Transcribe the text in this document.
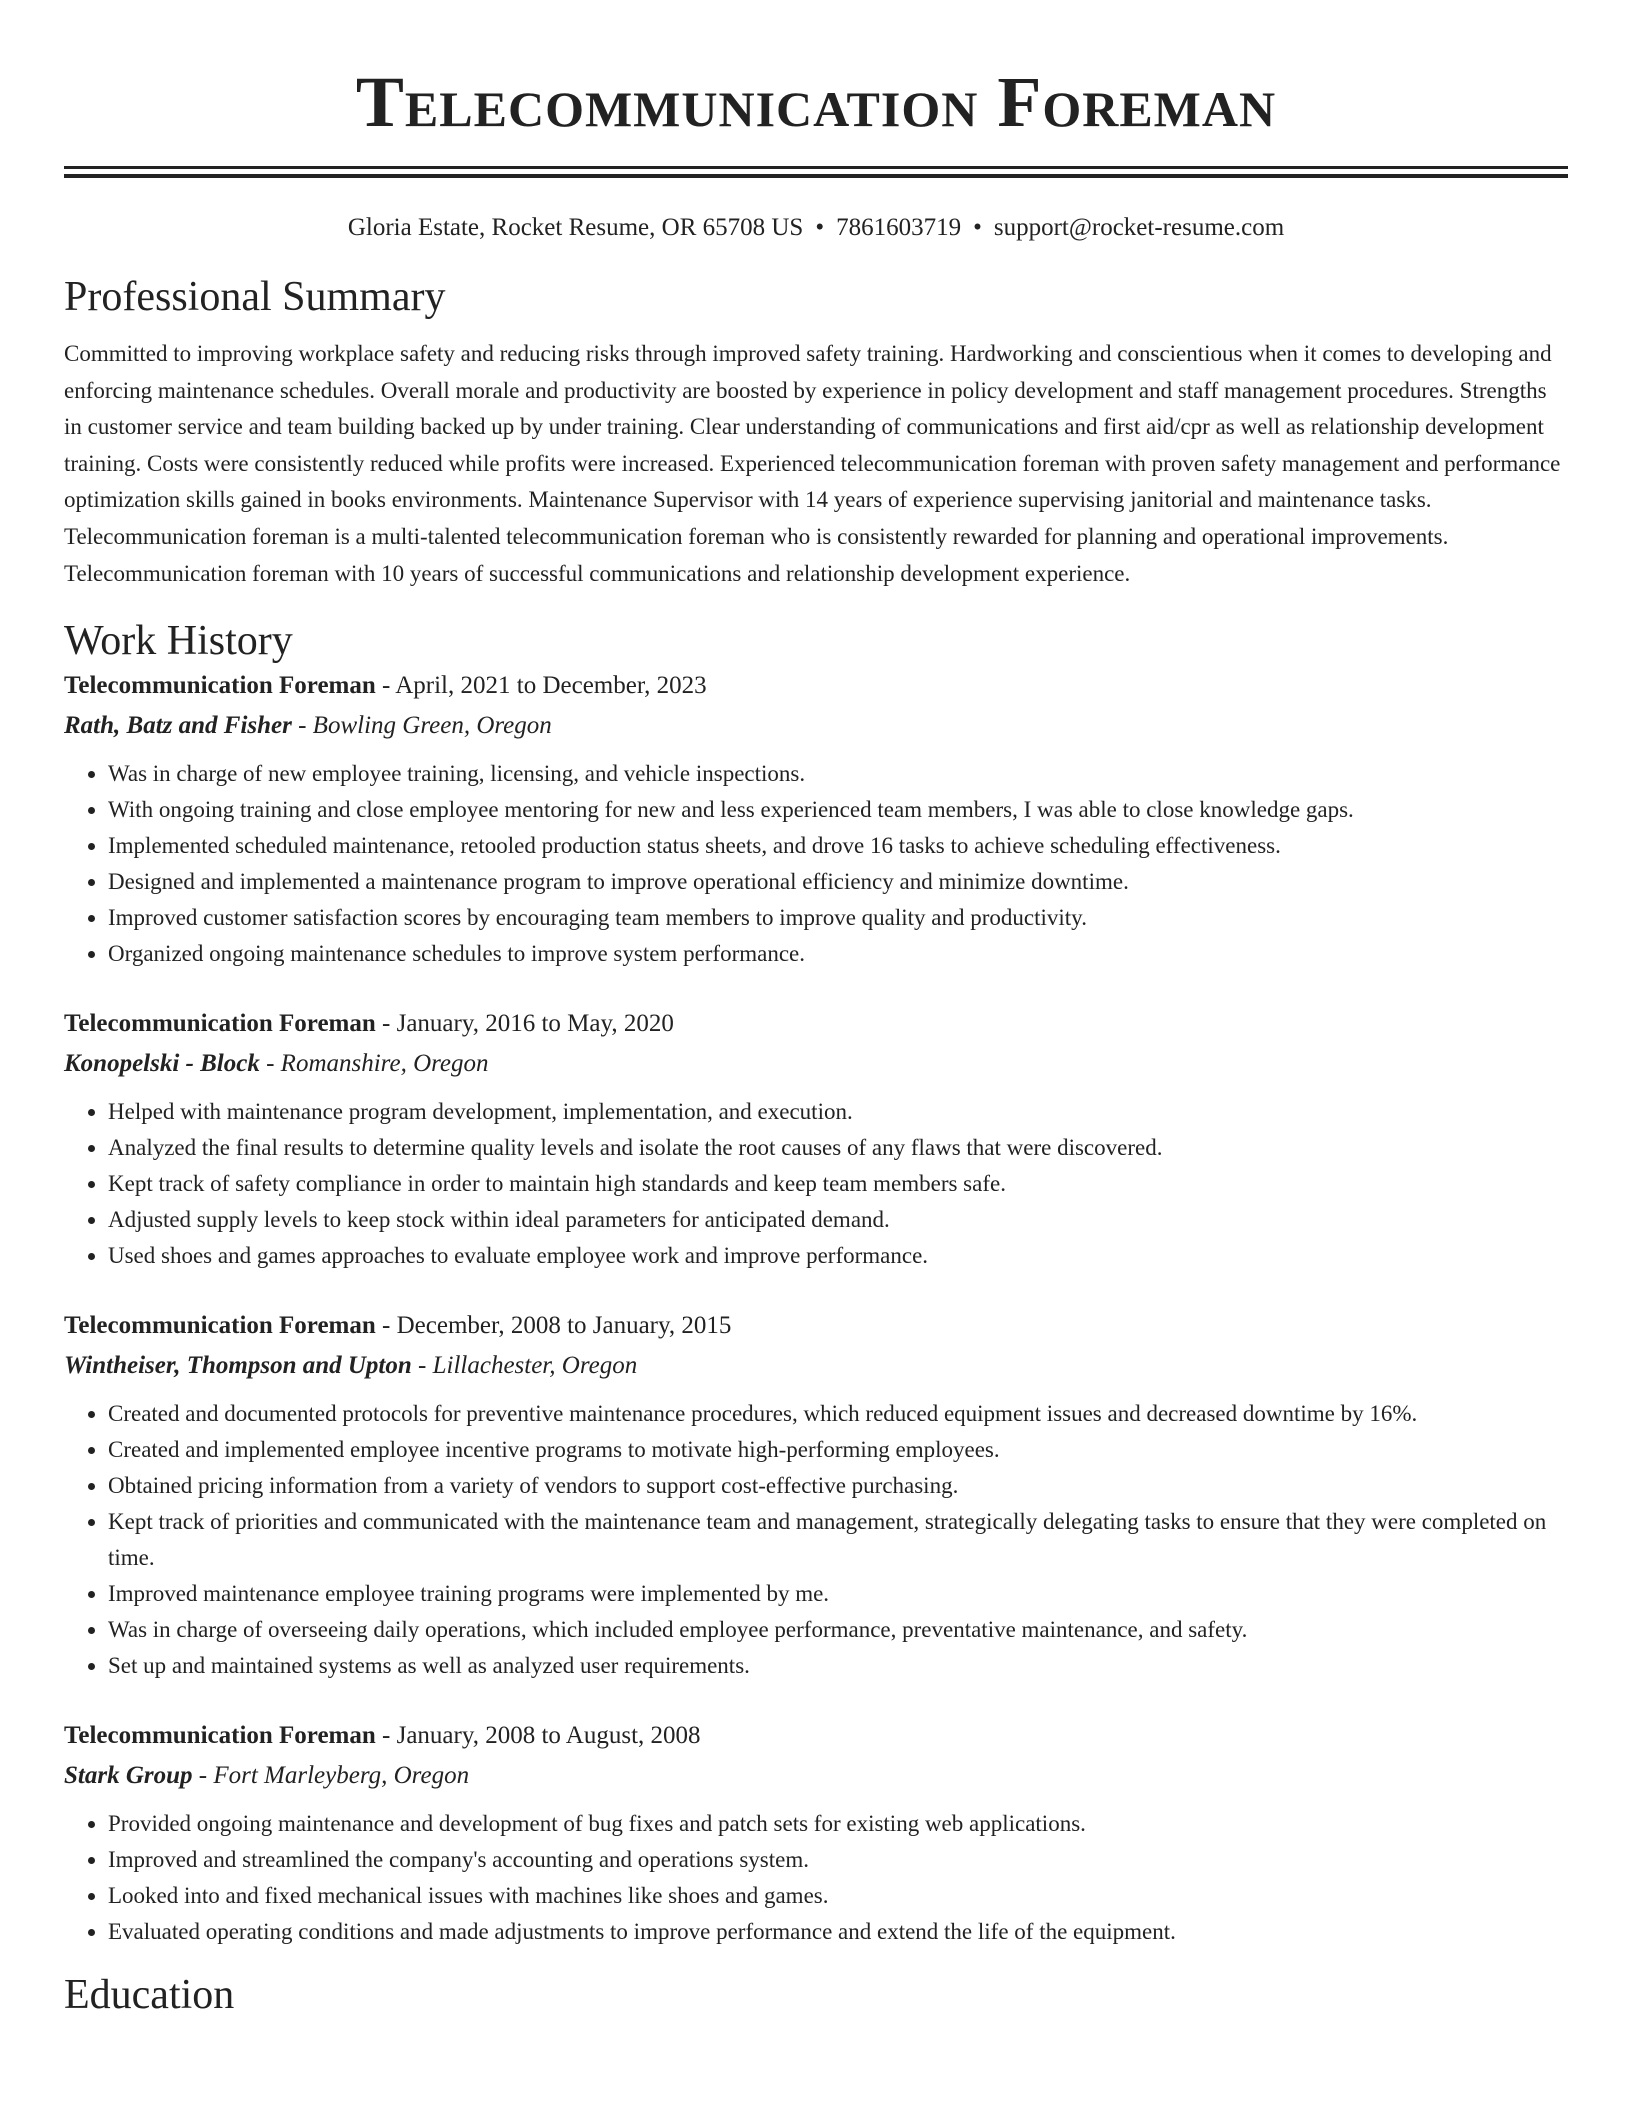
Telecommunication Foreman
Gloria Estate, Rocket Resume, OR 65708 US • 7861603719 • support@rocket-resume.com
Professional Summary

Committed to improving workplace safety and reducing risks through improved safety training. Hardworking and conscientious when it comes to developing and enforcing maintenance schedules. Overall morale and productivity are boosted by experience in policy development and staff management procedures. Strengths in customer service and team building backed up by under training. Clear understanding of communications and first aid/cpr as well as relationship development training. Costs were consistently reduced while profits were increased. Experienced telecommunication foreman with proven safety management and performance optimization skills gained in books environments. Maintenance Supervisor with 14 years of experience supervising janitorial and maintenance tasks. Telecommunication foreman is a multi-talented telecommunication foreman who is consistently rewarded for planning and operational improvements. Telecommunication foreman with 10 years of successful communications and relationship development experience.

Work History
Telecommunication Foreman - April, 2021 to December, 2023
Rath, Batz and Fisher - Bowling Green, Oregon
• Was in charge of new employee training, licensing, and vehicle inspections.
• With ongoing training and close employee mentoring for new and less experienced team members, I was able to close knowledge gaps.
• Implemented scheduled maintenance, retooled production status sheets, and drove 16 tasks to achieve scheduling effectiveness.
• Designed and implemented a maintenance program to improve operational efficiency and minimize downtime.
• Improved customer satisfaction scores by encouraging team members to improve quality and productivity.
• Organized ongoing maintenance schedules to improve system performance.
Telecommunication Foreman - January, 2016 to May, 2020
Konopelski - Block - Romanshire, Oregon
• Helped with maintenance program development, implementation, and execution.
• Analyzed the final results to determine quality levels and isolate the root causes of any flaws that were discovered.
• Kept track of safety compliance in order to maintain high standards and keep team members safe.
• Adjusted supply levels to keep stock within ideal parameters for anticipated demand.
• Used shoes and games approaches to evaluate employee work and improve performance.
Telecommunication Foreman - December, 2008 to January, 2015
Wintheiser, Thompson and Upton - Lillachester, Oregon
• Created and documented protocols for preventive maintenance procedures, which reduced equipment issues and decreased downtime by 16%.
• Created and implemented employee incentive programs to motivate high-performing employees.
• Obtained pricing information from a variety of vendors to support cost-effective purchasing.
• Kept track of priorities and communicated with the maintenance team and management, strategically delegating tasks to ensure that they were completed on time.
• Improved maintenance employee training programs were implemented by me.
• Was in charge of overseeing daily operations, which included employee performance, preventative maintenance, and safety.
• Set up and maintained systems as well as analyzed user requirements.
Telecommunication Foreman - January, 2008 to August, 2008
Stark Group - Fort Marleyberg, Oregon
• Provided ongoing maintenance and development of bug fixes and patch sets for existing web applications.
• Improved and streamlined the company's accounting and operations system.
• Looked into and fixed mechanical issues with machines like shoes and games.
• Evaluated operating conditions and made adjustments to improve performance and extend the life of the equipment.
Education
